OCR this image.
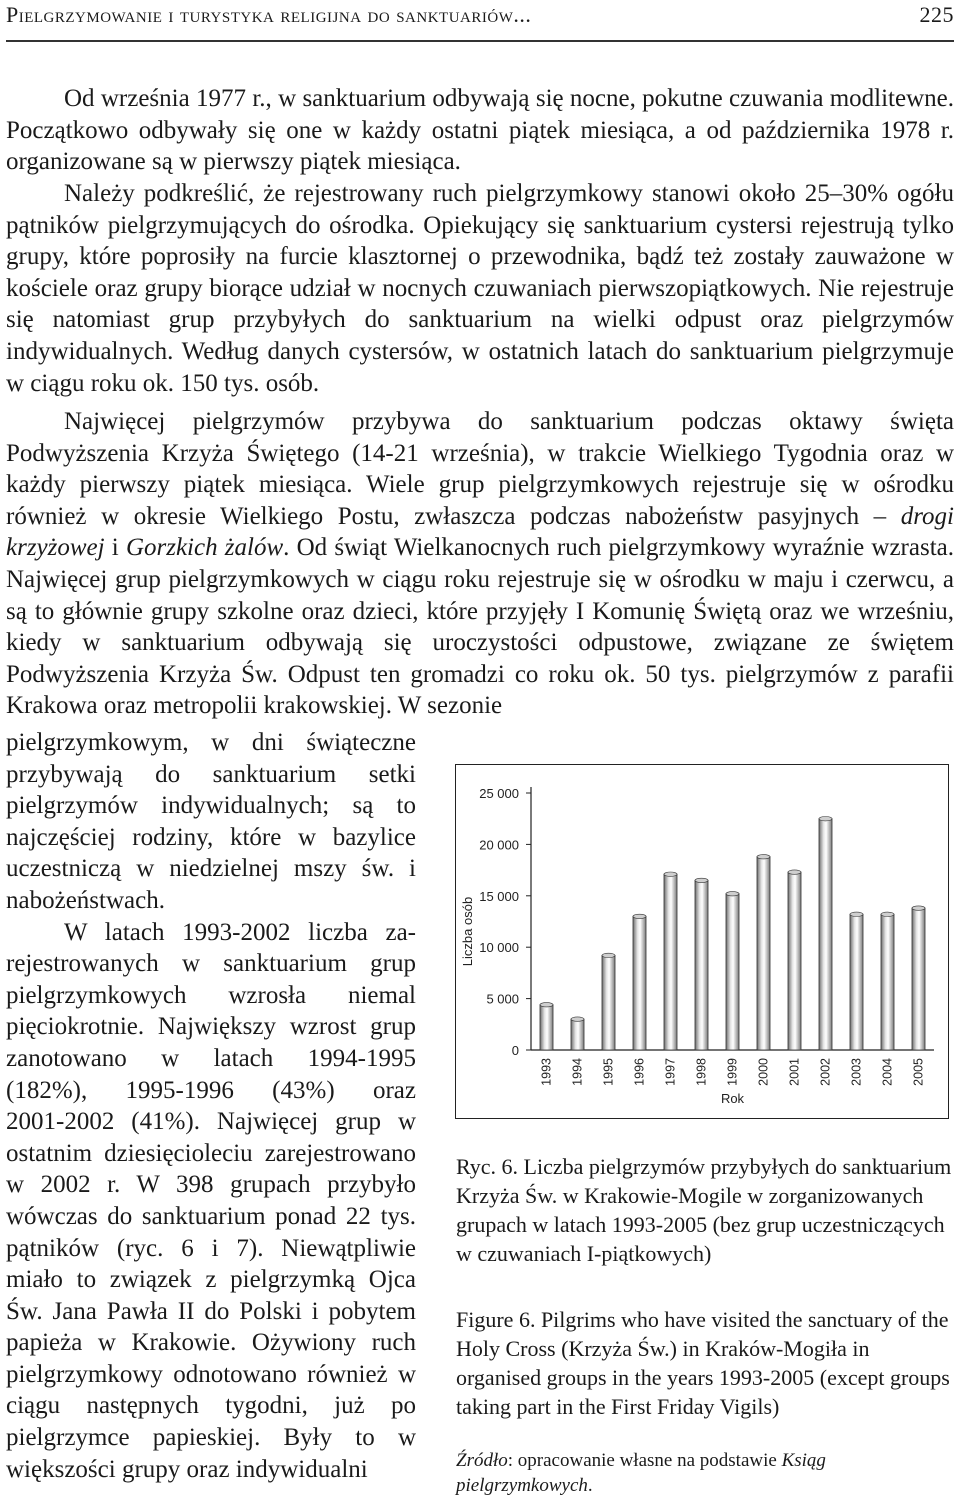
Pielgrzymowanie i turystyka religijna do sanktuariów...	225

Od września 1977 r., w sanktuarium odbywają się nocne, pokutne czuwania modlitewne. Początkowo odbywały się one w każdy ostatni piątek miesiąca, a od października 1978 r. organizowane są w pierwszy piątek miesiąca.

Należy podkreślić, że rejestrowany ruch pielgrzymkowy stanowi około 25–30% ogółu pątników pielgrzymujących do ośrodka. Opiekujący się sanktuarium cystersi rejestrują tylko grupy, które poprosiły na furcie klasztornej o przewodnika, bądź też zostały zauważone w kościele oraz grupy biorące udział w nocnych czuwaniach pierwszopiątkowych. Nie rejestruje się natomiast grup przybyłych do sanktuarium na wielki odpust oraz pielgrzymów indywidualnych. Według danych cystersów, w ostatnich latach do sanktuarium pielgrzymuje w ciągu roku ok. 150 tys. osób.

Najwięcej pielgrzymów przybywa do sanktuarium podczas oktawy święta Podwyższenia Krzyża Świętego (14-21 września), w trakcie Wielkiego Tygodnia oraz w każdy pierwszy piątek miesiąca. Wiele grup pielgrzymkowych rejestruje się w ośrodku również w okresie Wielkiego Postu, zwłaszcza podczas nabożeństw pasyjnych – drogi krzyżowej i Gorzkich żalów. Od świąt Wielkanocnych ruch pielgrzymkowy wyraźnie wzrasta. Najwięcej grup pielgrzymkowych w ciągu roku rejestruje się w ośrodku w maju i czerwcu, a są to głównie grupy szkolne oraz dzieci, które przyjęły I Komunię Świętą oraz we wrześniu, kiedy w sanktuarium odbywają się uroczystości odpustowe, związane ze świętem Podwyższenia Krzyża Św. Odpust ten gromadzi co roku ok. 50 tys. pielgrzymów z parafii Krakowa oraz metropolii krakowskiej. W sezonie

pielgrzymkowym, w dni świąteczne przybywają do sanktuarium setki pielgrzymów indywidualnych; są to najczęściej rodziny, które w bazylice uczestniczą w niedzielnej mszy św. i nabożeństwach.

W latach 1993-2002 liczba zarejestrowanych w sanktuarium grup pielgrzymkowych wzrosła niemal pięciokrotnie. Największy wzrost grup zanotowano w latach 1994-1995 (182%), 1995-1996 (43%) oraz 2001-2002 (41%). Najwięcej grup w ostatnim dziesięcioleciu zarejestrowano w 2002 r. W 398 grupach przybyło wówczas do sanktuarium ponad 22 tys. pątników (ryc. 6 i 7). Niewątpliwie miało to związek z pielgrzymką Ojca Św. Jana Pawła II do Polski i pobytem papieża w Krakowie. Ożywiony ruch pielgrzymkowy odnotowano również w ciągu następnych tygodni, już po pielgrzymce papieskiej. Były to w większości grupy oraz indywidualni

0
5 000
10 000
15 000
20 000
25 000
Liczba osób
1993 1994 1995 1996 1997 1998 1999 2000 2001 2002 2003 2004 2005
Rok

Ryc. 6. Liczba pielgrzymów przybyłych do sanktuarium Krzyża Św. w Krakowie-Mogile w zorganizowanych grupach w latach 1993-2005 (bez grup uczestniczących w czuwaniach I-piątkowych)

Figure 6. Pilgrims who have visited the sanctuary of the Holy Cross (Krzyża Św.) in Kraków-Mogiła in organised groups in the years 1993-2005 (except groups taking part in the First Friday Vigils)

Źródło: opracowanie własne na podstawie Ksiąg pielgrzymkowych.
